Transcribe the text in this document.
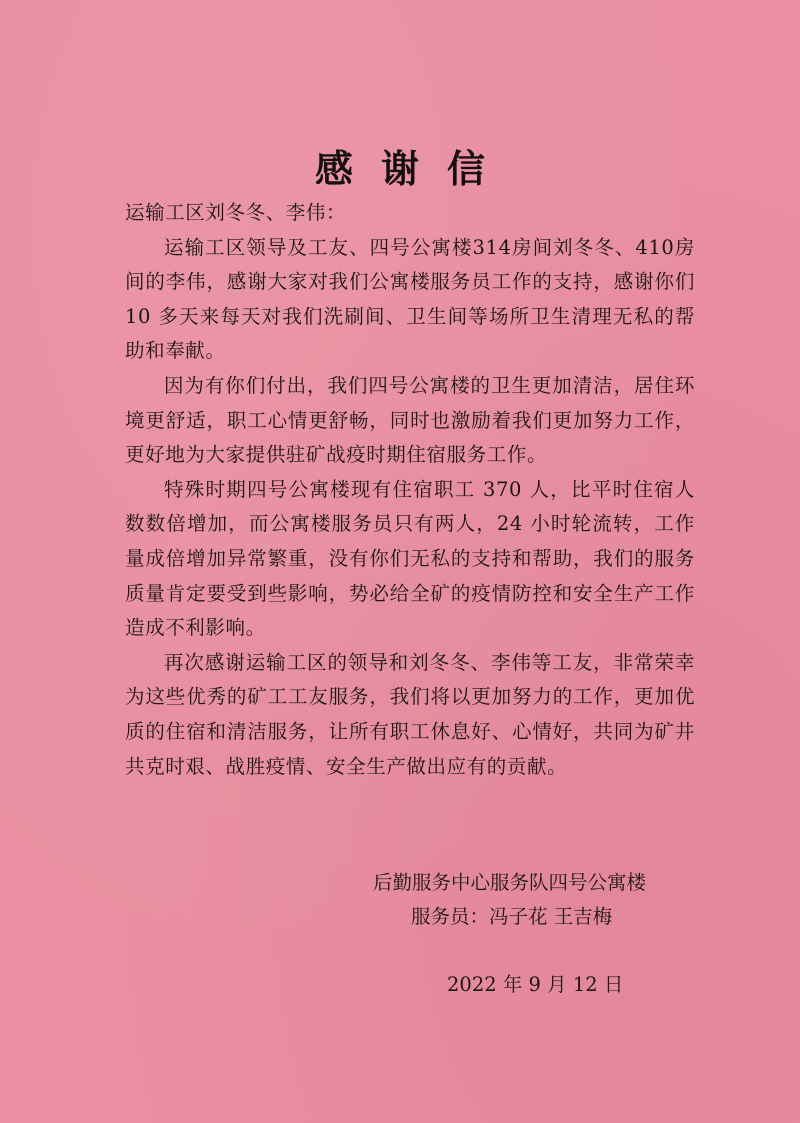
感谢信

运输工区刘冬冬、李伟：

运输工区领导及工友、四号公寓楼314房间刘冬冬、410房间的李伟，感谢大家对我们公寓楼服务员工作的支持，感谢你们 10 多天来每天对我们洗刷间、卫生间等场所卫生清理无私的帮助和奉献。

因为有你们付出，我们四号公寓楼的卫生更加清洁，居住环境更舒适，职工心情更舒畅，同时也激励着我们更加努力工作，更好地为大家提供驻矿战疫时期住宿服务工作。

特殊时期四号公寓楼现有住宿职工 370 人，比平时住宿人数数倍增加，而公寓楼服务员只有两人，24 小时轮流转，工作量成倍增加异常繁重，没有你们无私的支持和帮助，我们的服务质量肯定要受到些影响，势必给全矿的疫情防控和安全生产工作造成不利影响。

再次感谢运输工区的领导和刘冬冬、李伟等工友，非常荣幸为这些优秀的矿工工友服务，我们将以更加努力的工作，更加优质的住宿和清洁服务，让所有职工休息好、心情好，共同为矿井共克时艰、战胜疫情、安全生产做出应有的贡献。

后勤服务中心服务队四号公寓楼
服务员：冯子花 王吉梅
2022 年 9 月 12 日
